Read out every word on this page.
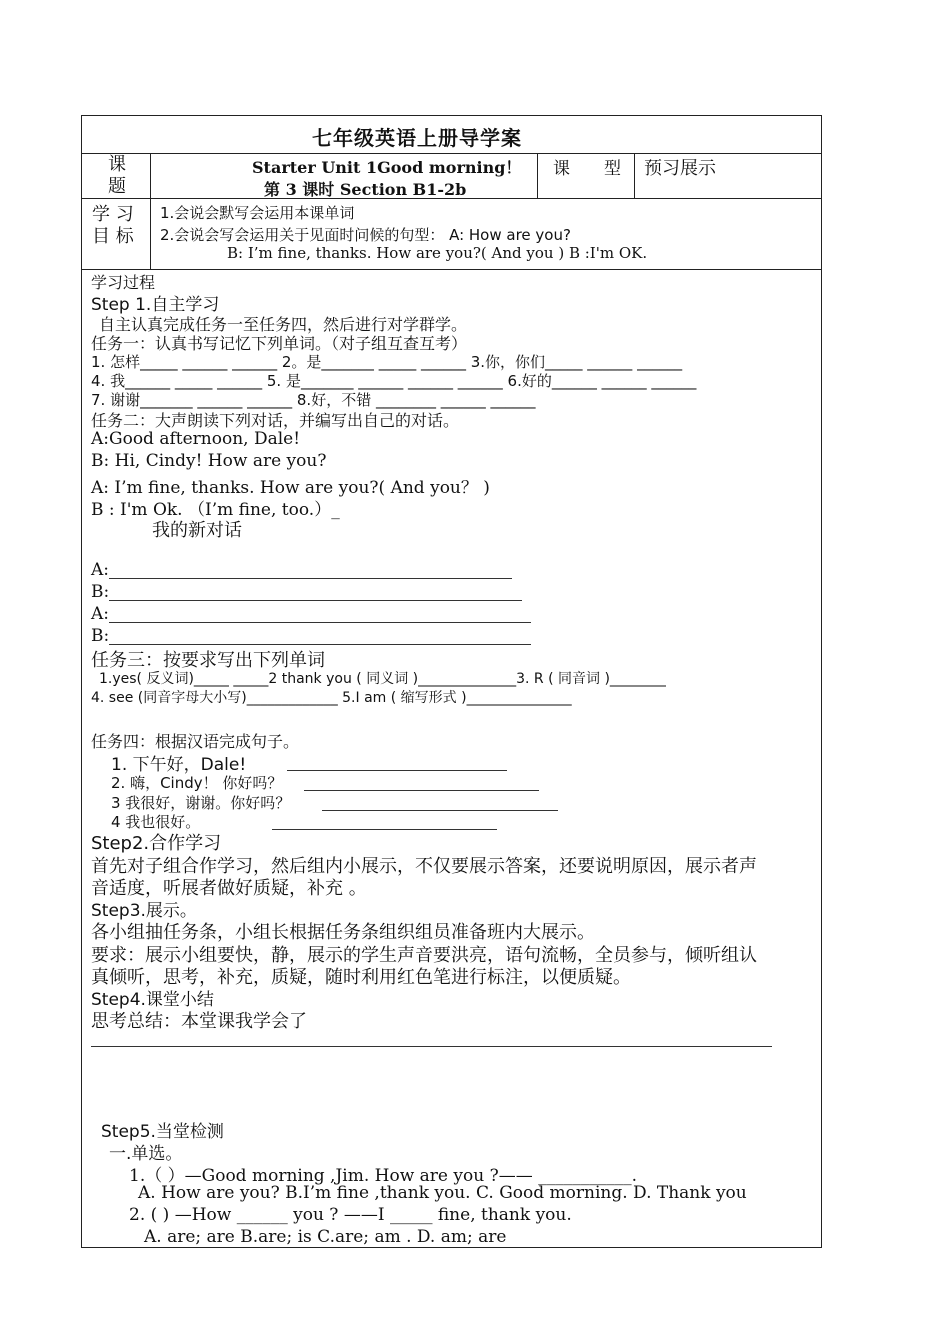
七年级英语上册导学案
课题
Starter Unit 1Good morning！
第 3 课时 Section B1-2b
课　　型 预习展示
学 习
目 标
1.会说会默写会运用本课单词
2.会说会写会运用关于见面时问候的句型： A: How are you?
B: I’m fine, thanks. How are you?( And you ) B :I'm OK.
学习过程
Step 1.自主学习
自主认真完成任务一至任务四，然后进行对学群学。
任务一：认真书写记忆下列单词。（对子组互查互考）
1. 怎样_____ ______ ______ 2。是_______ _____ ______ 3.你，你们_____ ______ ______
4. 我______ _____ ______ 5. 是_______ ______ ______ ______ 6.好的______ ______ ______
7. 谢谢_______ ______ ______ 8.好，不错 ________ ______ ______
任务二：大声朗读下列对话，并编写出自己的对话。
A:Good afternoon, Dale!
B: Hi, Cindy! How are you?
A: I’m fine, thanks. How are you?( And you？ )
B : I'm Ok. （I’m fine, too.）_
我的新对话
A:
B:
A:
B:
任务三：按要求写出下列单词
1.yes( 反义词)_____ _____2 thank you ( 同义词 )______________3. R ( 同音词 )________
4. see (同音字母大小写)_____________ 5.I am ( 缩写形式 )_______________
任务四：根据汉语完成句子。
1. 下午好，Dale!
2. 嗨，Cindy！ 你好吗？
3 我很好，谢谢。你好吗？
4 我也很好。
Step2.合作学习
首先对子组合作学习，然后组内小展示，不仅要展示答案，还要说明原因，展示者声
音适度，听展者做好质疑，补充 。
Step3.展示。
各小组抽任务条，小组长根据任务条组织组员准备班内大展示。
要求：展示小组要快，静，展示的学生声音要洪亮，语句流畅，全员参与，倾听组认
真倾听，思考，补充，质疑，随时利用红色笔进行标注，以便质疑。
Step4.课堂小结
思考总结：本堂课我学会了
Step5.当堂检测
一.单选。
1.（ ）—Good morning ,Jim. How are you ?—— ___________.
A. How are you? B.I’m fine ,thank you. C. Good morning. D. Thank you
2. ( ) —How ______ you ? ——I _____ fine, thank you.
A. are; are B.are; is C.are; am . D. am; are
